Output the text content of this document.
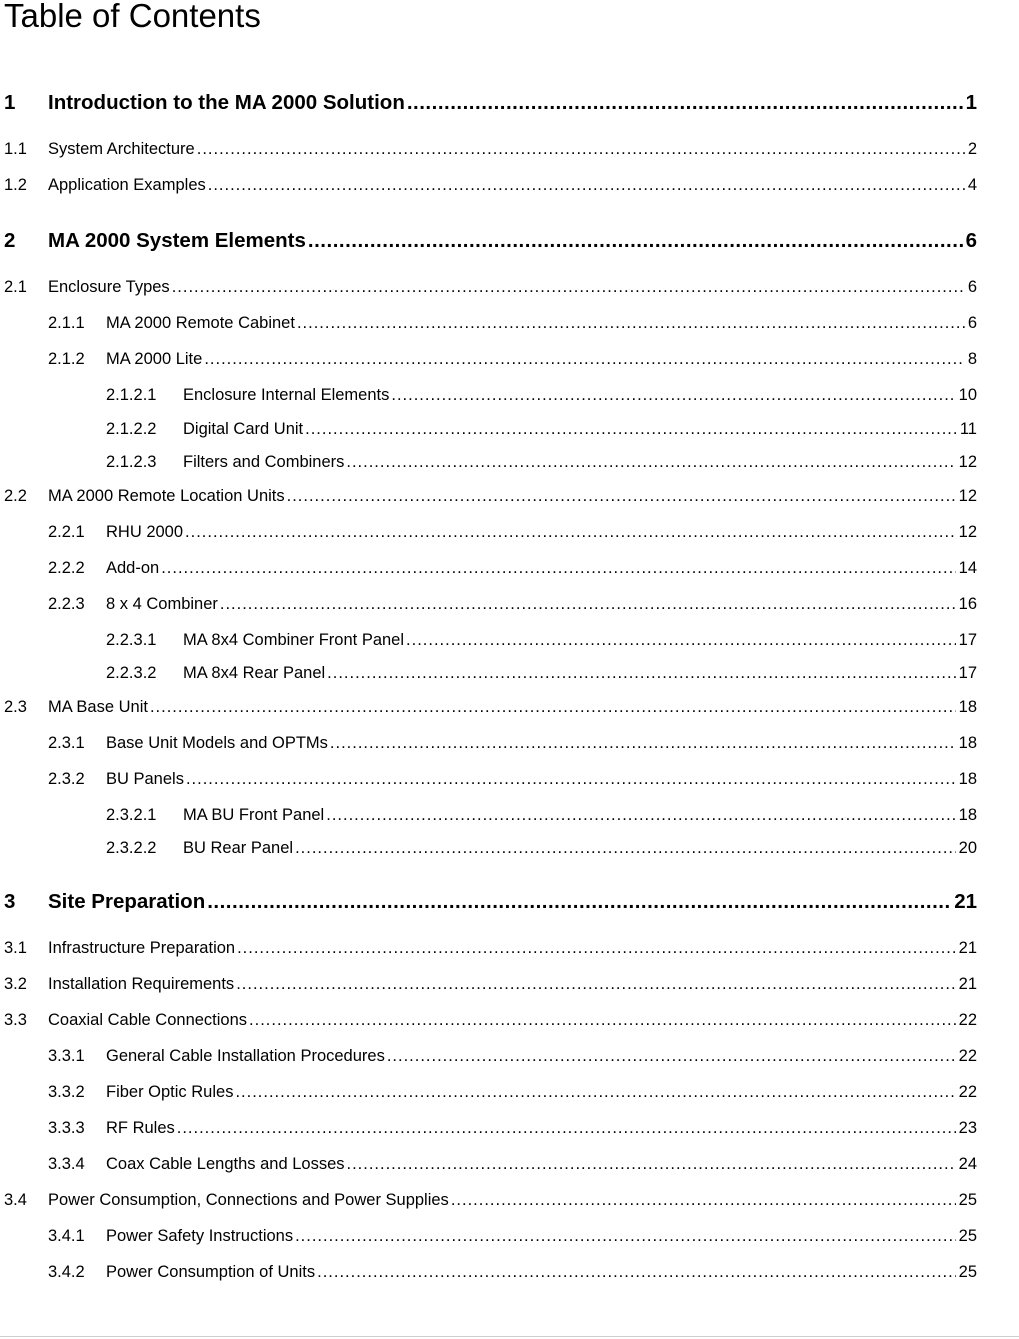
Table of Contents
1	Introduction to the MA 2000 Solution .....	1
1.1	System Architecture .....	2
1.2	Application Examples .....	4
2	MA 2000 System Elements .....	6
2.1	Enclosure Types .....	6
2.1.1	MA 2000 Remote Cabinet .....	6
2.1.2	MA 2000 Lite .....	8
2.1.2.1	Enclosure Internal Elements .....	10
2.1.2.2	Digital Card Unit .....	11
2.1.2.3	Filters and Combiners .....	12
2.2	MA 2000 Remote Location Units .....	12
2.2.1	RHU 2000 .....	12
2.2.2	Add-on .....	14
2.2.3	8 x 4 Combiner .....	16
2.2.3.1	MA 8x4 Combiner Front Panel .....	17
2.2.3.2	MA 8x4 Rear Panel .....	17
2.3	MA Base Unit .....	18
2.3.1	Base Unit Models and OPTMs .....	18
2.3.2	BU Panels .....	18
2.3.2.1	MA BU Front Panel .....	18
2.3.2.2	BU Rear Panel .....	20
3	Site Preparation .....	21
3.1	Infrastructure Preparation .....	21
3.2	Installation Requirements .....	21
3.3	Coaxial Cable Connections .....	22
3.3.1	General Cable Installation Procedures .....	22
3.3.2	Fiber Optic Rules .....	22
3.3.3	RF Rules .....	23
3.3.4	Coax Cable Lengths and Losses .....	24
3.4	Power Consumption, Connections and Power Supplies .....	25
3.4.1	Power Safety Instructions .....	25
3.4.2	Power Consumption of Units .....	25
